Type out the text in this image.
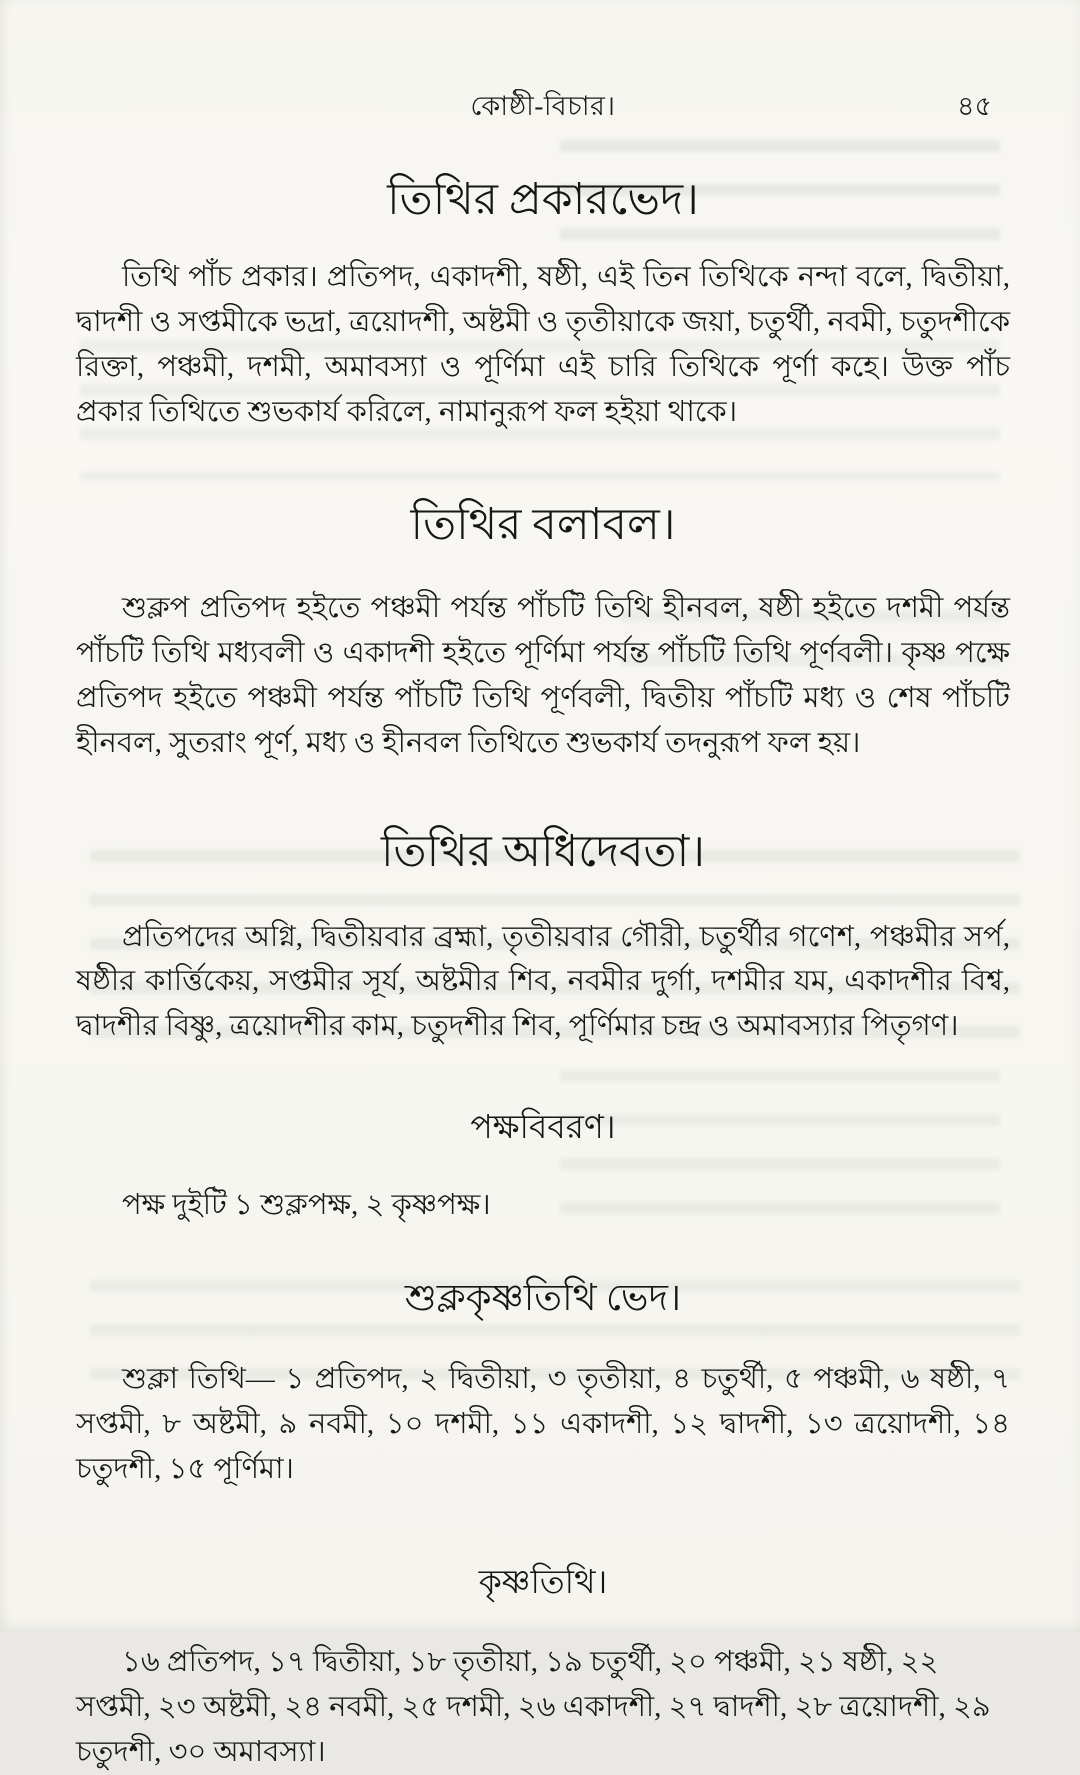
কোষ্ঠী-বিচার।	৪৫
তিথির প্রকারভেদ।

তিথি পাঁচ প্রকার। প্রতিপদ, একাদশী, ষষ্ঠী, এই তিন তিথিকে নন্দা বলে, দ্বিতীয়া, দ্বাদশী ও সপ্তমীকে ভদ্রা, ত্রয়োদশী, অষ্টমী ও তৃতীয়াকে জয়া, চতুর্থী, নবমী, চতুদশীকে রিক্তা, পঞ্চমী, দশমী, অমাবস্যা ও পূর্ণিমা এই চারি তিথিকে পূর্ণা কহে। উক্ত পাঁচ প্রকার তিথিতে শুভকার্য করিলে, নামানুরূপ ফল হইয়া থাকে।

তিথির বলাবল।

শুক্লপ প্রতিপদ হইতে পঞ্চমী পর্যন্ত পাঁচটি তিথি হীনবল, ষষ্ঠী হইতে দশমী পর্যন্ত পাঁচটি তিথি মধ্যবলী ও একাদশী হইতে পূর্ণিমা পর্যন্ত পাঁচটি তিথি পূর্ণবলী। কৃষ্ণ পক্ষে প্রতিপদ হইতে পঞ্চমী পর্যন্ত পাঁচটি তিথি পূর্ণবলী, দ্বিতীয় পাঁচটি মধ্য ও শেষ পাঁচটি হীনবল, সুতরাং পূর্ণ, মধ্য ও হীনবল তিথিতে শুভকার্য তদনুরূপ ফল হয়।

তিথির অধিদেবতা।

প্রতিপদের অগ্নি, দ্বিতীয়বার ব্রহ্মা, তৃতীয়বার গৌরী, চতুর্থীর গণেশ, পঞ্চমীর সর্প, ষষ্ঠীর কার্ত্তিকেয়, সপ্তমীর সূর্য, অষ্টমীর শিব, নবমীর দুর্গা, দশমীর যম, একাদশীর বিশ্ব, দ্বাদশীর বিষ্ণু, ত্রয়োদশীর কাম, চতুদশীর শিব, পূর্ণিমার চন্দ্র ও অমাবস্যার পিতৃগণ।

পক্ষবিবরণ।

পক্ষ দুইটি ১ শুক্লপক্ষ, ২ কৃষ্ণপক্ষ।

শুক্লকৃষ্ণতিথি ভেদ।

শুক্লা তিথি— ১ প্রতিপদ, ২ দ্বিতীয়া, ৩ তৃতীয়া, ৪ চতুর্থী, ৫ পঞ্চমী, ৬ ষষ্ঠী, ৭ সপ্তমী, ৮ অষ্টমী, ৯ নবমী, ১০ দশমী, ১১ একাদশী, ১২ দ্বাদশী, ১৩ ত্রয়োদশী, ১৪ চতুদশী, ১৫ পূর্ণিমা।

কৃষ্ণতিথি।

১৬ প্রতিপদ, ১৭ দ্বিতীয়া, ১৮ তৃতীয়া, ১৯ চতুর্থী, ২০ পঞ্চমী, ২১ ষষ্ঠী, ২২ সপ্তমী, ২৩ অষ্টমী, ২৪ নবমী, ২৫ দশমী, ২৬ একাদশী, ২৭ দ্বাদশী, ২৮ ত্রয়োদশী, ২৯ চতুদশী, ৩০ অমাবস্যা।
